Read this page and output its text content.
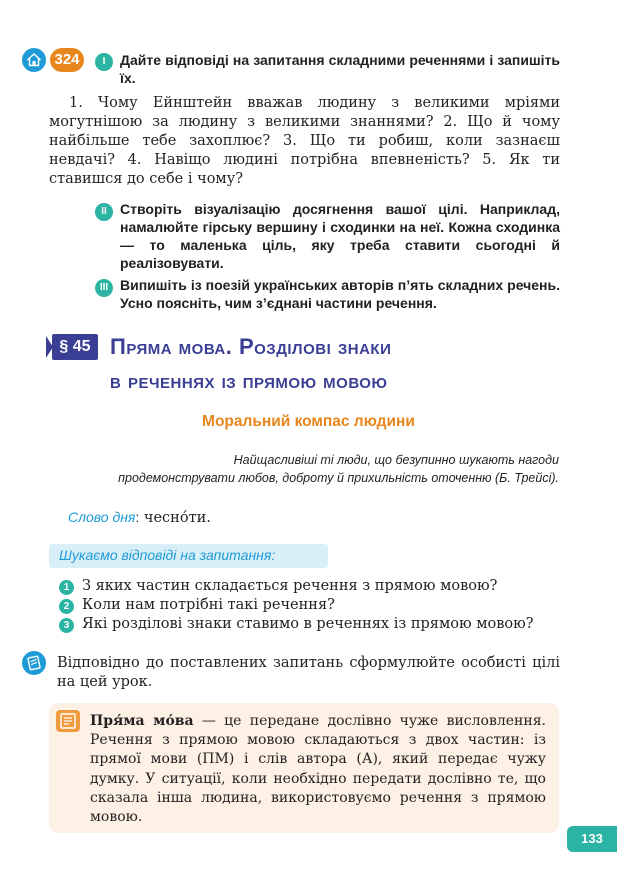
324	I	Дайте відповіді на запитання складними реченнями і запишіть їх.
1. Чому Ейнштейн вважав людину з великими мріями могутнішою за людину з великими знаннями? 2. Що й чому найбільше тебе захоплює? 3. Що ти робиш, коли зазнаєш невдачі? 4. Навіщо людині потрібна впевненість? 5. Як ти ставишся до себе і чому?
II Створіть візуалізацію досягнення вашої цілі. Наприклад, намалюйте гірську вершину і сходинки на неї. Кожна сходинка — то маленька ціль, яку треба ставити сьогодні й реалізовувати.
III Випишіть із поезій українських авторів п’ять складних речень. Усно поясніть, чим з’єднані частини речення.
§ 45 Пряма мова. Розділові знаки
в реченнях із прямою мовою
Моральний компас людини
Найщасливіші ті люди, що безупинно шукають нагоди
продемонструвати любов, доброту й прихильність оточенню (Б. Трейсі).
Слово дня: чесно́ти.
Шукаємо відповіді на запитання:
1 З яких частин складається речення з прямою мовою?
2 Коли нам потрібні такі речення?
3 Які розділові знаки ставимо в реченнях із прямою мовою?
Відповідно до поставлених запитань сформулюйте особисті цілі на цей урок.
Пря́ма мо́ва — це передане дослівно чуже висловлення. Речення з прямою мовою складаються з двох частин: із прямої мови (ПМ) і слів автора (А), який передає чужу думку. У ситуації, коли необхідно передати дослівно те, що сказала інша людина, використовуємо речення з прямою мовою.
133
